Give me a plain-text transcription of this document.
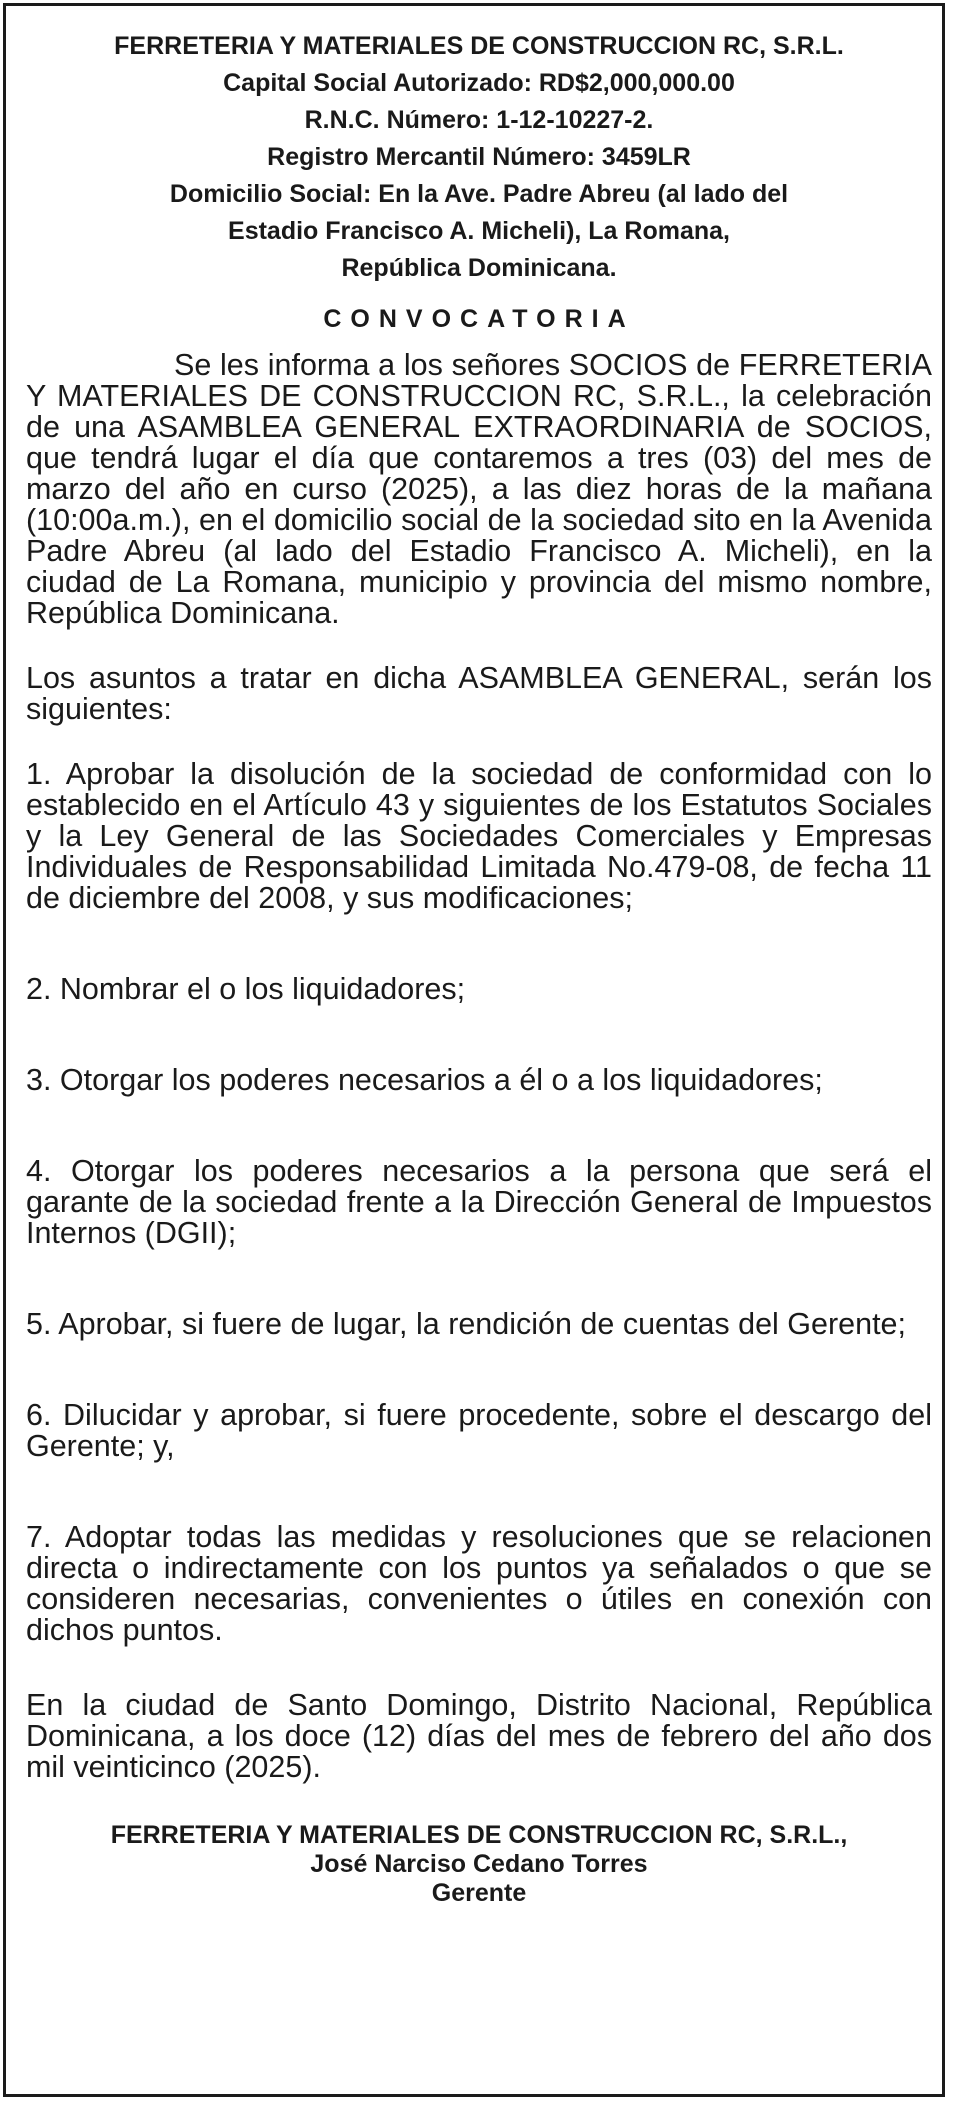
FERRETERIA Y MATERIALES DE CONSTRUCCION RC, S.R.L.
Capital Social Autorizado: RD$2,000,000.00
R.N.C. Número: 1-12-10227-2.
Registro Mercantil Número: 3459LR
Domicilio Social: En la Ave. Padre Abreu (al lado del
Estadio Francisco A. Micheli), La Romana,
República Dominicana.
CONVOCATORIA

Se les informa a los señores SOCIOS de FERRETERIA Y MATERIALES DE CONSTRUCCION RC, S.R.L., la celebración de una ASAMBLEA GENERAL EXTRAORDINARIA de SOCIOS, que tendrá lugar el día que contaremos a tres (03) del mes de marzo del año en curso (2025), a las diez horas de la mañana (10:00a.m.), en el domicilio social de la sociedad sito en la Avenida Padre Abreu (al lado del Estadio Francisco A. Micheli), en la ciudad de La Romana, municipio y provincia del mismo nombre, República Dominicana.

Los asuntos a tratar en dicha ASAMBLEA GENERAL, serán los siguientes:

1. Aprobar la disolución de la sociedad de conformidad con lo establecido en el Artículo 43 y siguientes de los Estatutos Sociales y la Ley General de las Sociedades Comerciales y Empresas Individuales de Responsabilidad Limitada No.479-08, de fecha 11 de diciembre del 2008, y sus modificaciones;

2. Nombrar el o los liquidadores;

3. Otorgar los poderes necesarios a él o a los liquidadores;

4. Otorgar los poderes necesarios a la persona que será el garante de la sociedad frente a la Dirección General de Impuestos Internos (DGII);

5. Aprobar, si fuere de lugar, la rendición de cuentas del Gerente;

6. Dilucidar y aprobar, si fuere procedente, sobre el descargo del Gerente; y,

7. Adoptar todas las medidas y resoluciones que se relacionen directa o indirectamente con los puntos ya señalados o que se consideren necesarias, convenientes o útiles en conexión con dichos puntos.

En la ciudad de Santo Domingo, Distrito Nacional, República Dominicana, a los doce (12) días del mes de febrero del año dos mil veinticinco (2025).

FERRETERIA Y MATERIALES DE CONSTRUCCION RC, S.R.L.,
José Narciso Cedano Torres
Gerente
